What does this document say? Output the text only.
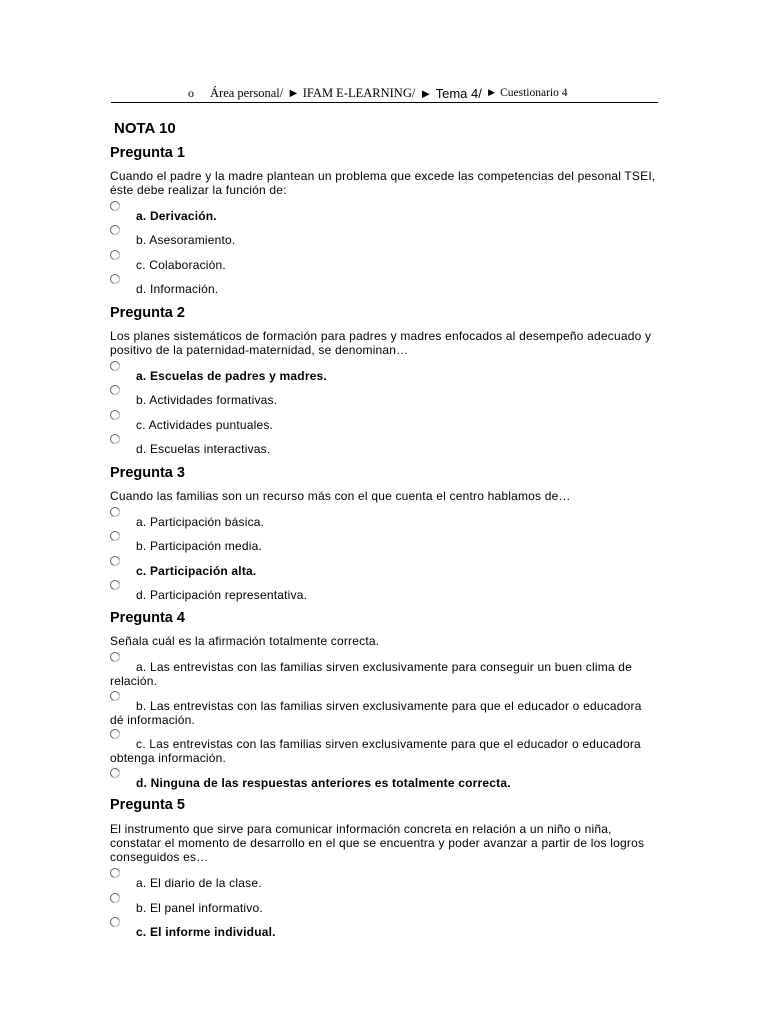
o Área personal/ ► IFAM E-LEARNING/ ► Tema 4/ ► Cuestionario 4
NOTA 10
Pregunta 1

Cuando el padre y la madre plantean un problema que excede las competencias del pesonal TSEI, éste debe realizar la función de:

a. Derivación.

b. Asesoramiento.

c. Colaboración.

d. Información.

Pregunta 2

Los planes sistemáticos de formación para padres y madres enfocados al desempeño adecuado y positivo de la paternidad-maternidad, se denominan…

a. Escuelas de padres y madres.

b. Actividades formativas.

c. Actividades puntuales.

d. Escuelas interactivas.

Pregunta 3

Cuando las familias son un recurso más con el que cuenta el centro hablamos de…

a. Participación básica.

b. Participación media.

c. Participación alta.

d. Participación representativa.

Pregunta 4

Señala cuál es la afirmación totalmente correcta.

a. Las entrevistas con las familias sirven exclusivamente para conseguir un buen clima de relación.

b. Las entrevistas con las familias sirven exclusivamente para que el educador o educadora dé información.

c. Las entrevistas con las familias sirven exclusivamente para que el educador o educadora obtenga información.

d. Ninguna de las respuestas anteriores es totalmente correcta.

Pregunta 5

El instrumento que sirve para comunicar información concreta en relación a un niño o niña, constatar el momento de desarrollo en el que se encuentra y poder avanzar a partir de los logros conseguidos es…

a. El diario de la clase.

b. El panel informativo.

c. El informe individual.
